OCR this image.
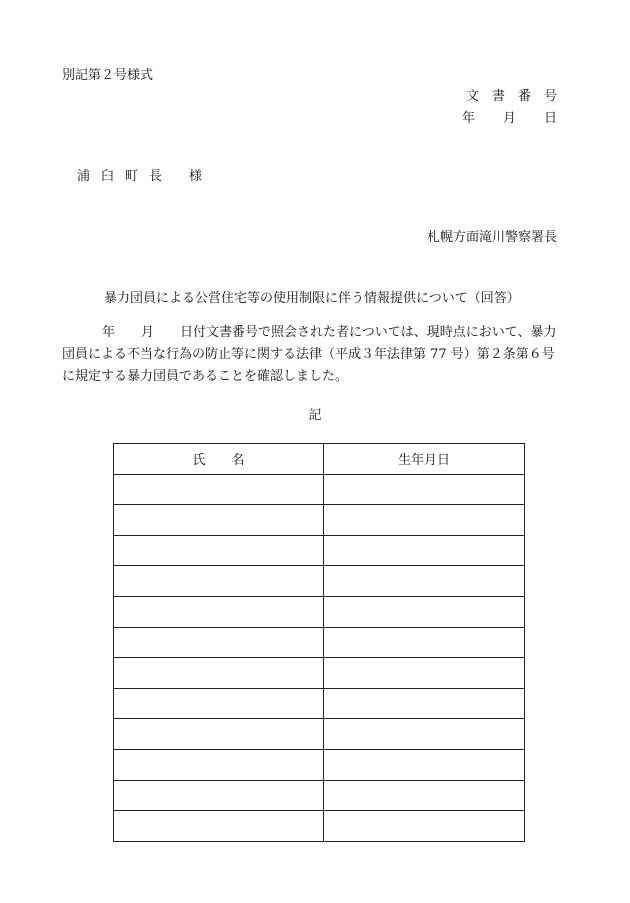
別記第２号様式
文　書　番　号
年 月 日
浦 臼 町 長	様
札幌方面滝川警察署長
暴力団員による公営住宅等の使用制限に伴う情報提供について（回答）
年　　月　　日付文書番号で照会された者については、現時点において、暴力
団員による不当な行為の防止等に関する法律（平成３年法律第 77 号）第２条第６号
に規定する暴力団員であることを確認しました。
記
氏　　名	生年月日
